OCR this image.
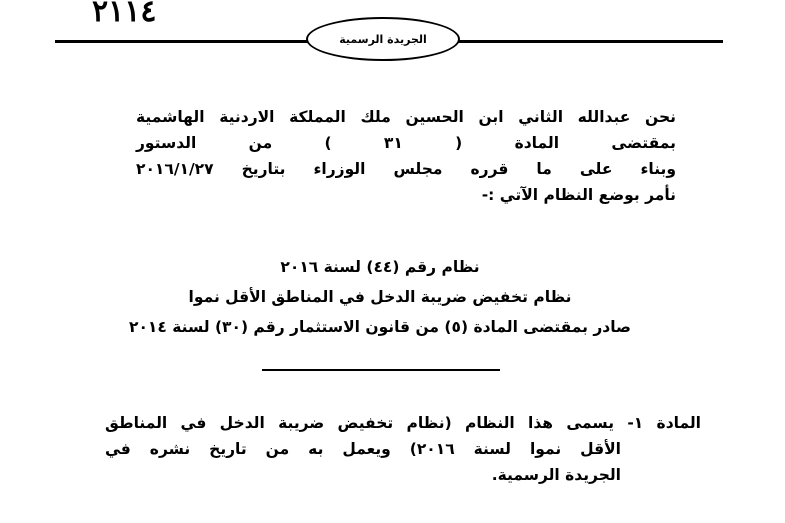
٢١١٤
الجريدة الرسمية
نحن عبدالله الثاني ابن الحسين ملك المملكة الاردنية الهاشمية
بمقتضى المادة ( ٣١ ) من الدستور
وبناء على ما قرره مجلس الوزراء بتاريخ ٢٠١٦/١/٢٧
نأمر بوضع النظام الآتي :-
نظام رقم (٤٤) لسنة ٢٠١٦
نظام تخفيض ضريبة الدخل في المناطق الأقل نموا
صادر بمقتضى المادة (٥) من قانون الاستثمار رقم (٣٠) لسنة ٢٠١٤
المادة ١- يسمى هذا النظام (نظام تخفيض ضريبة الدخل في المناطق
الأقل نموا لسنة ٢٠١٦) ويعمل به من تاريخ نشره في
الجريدة الرسمية.
